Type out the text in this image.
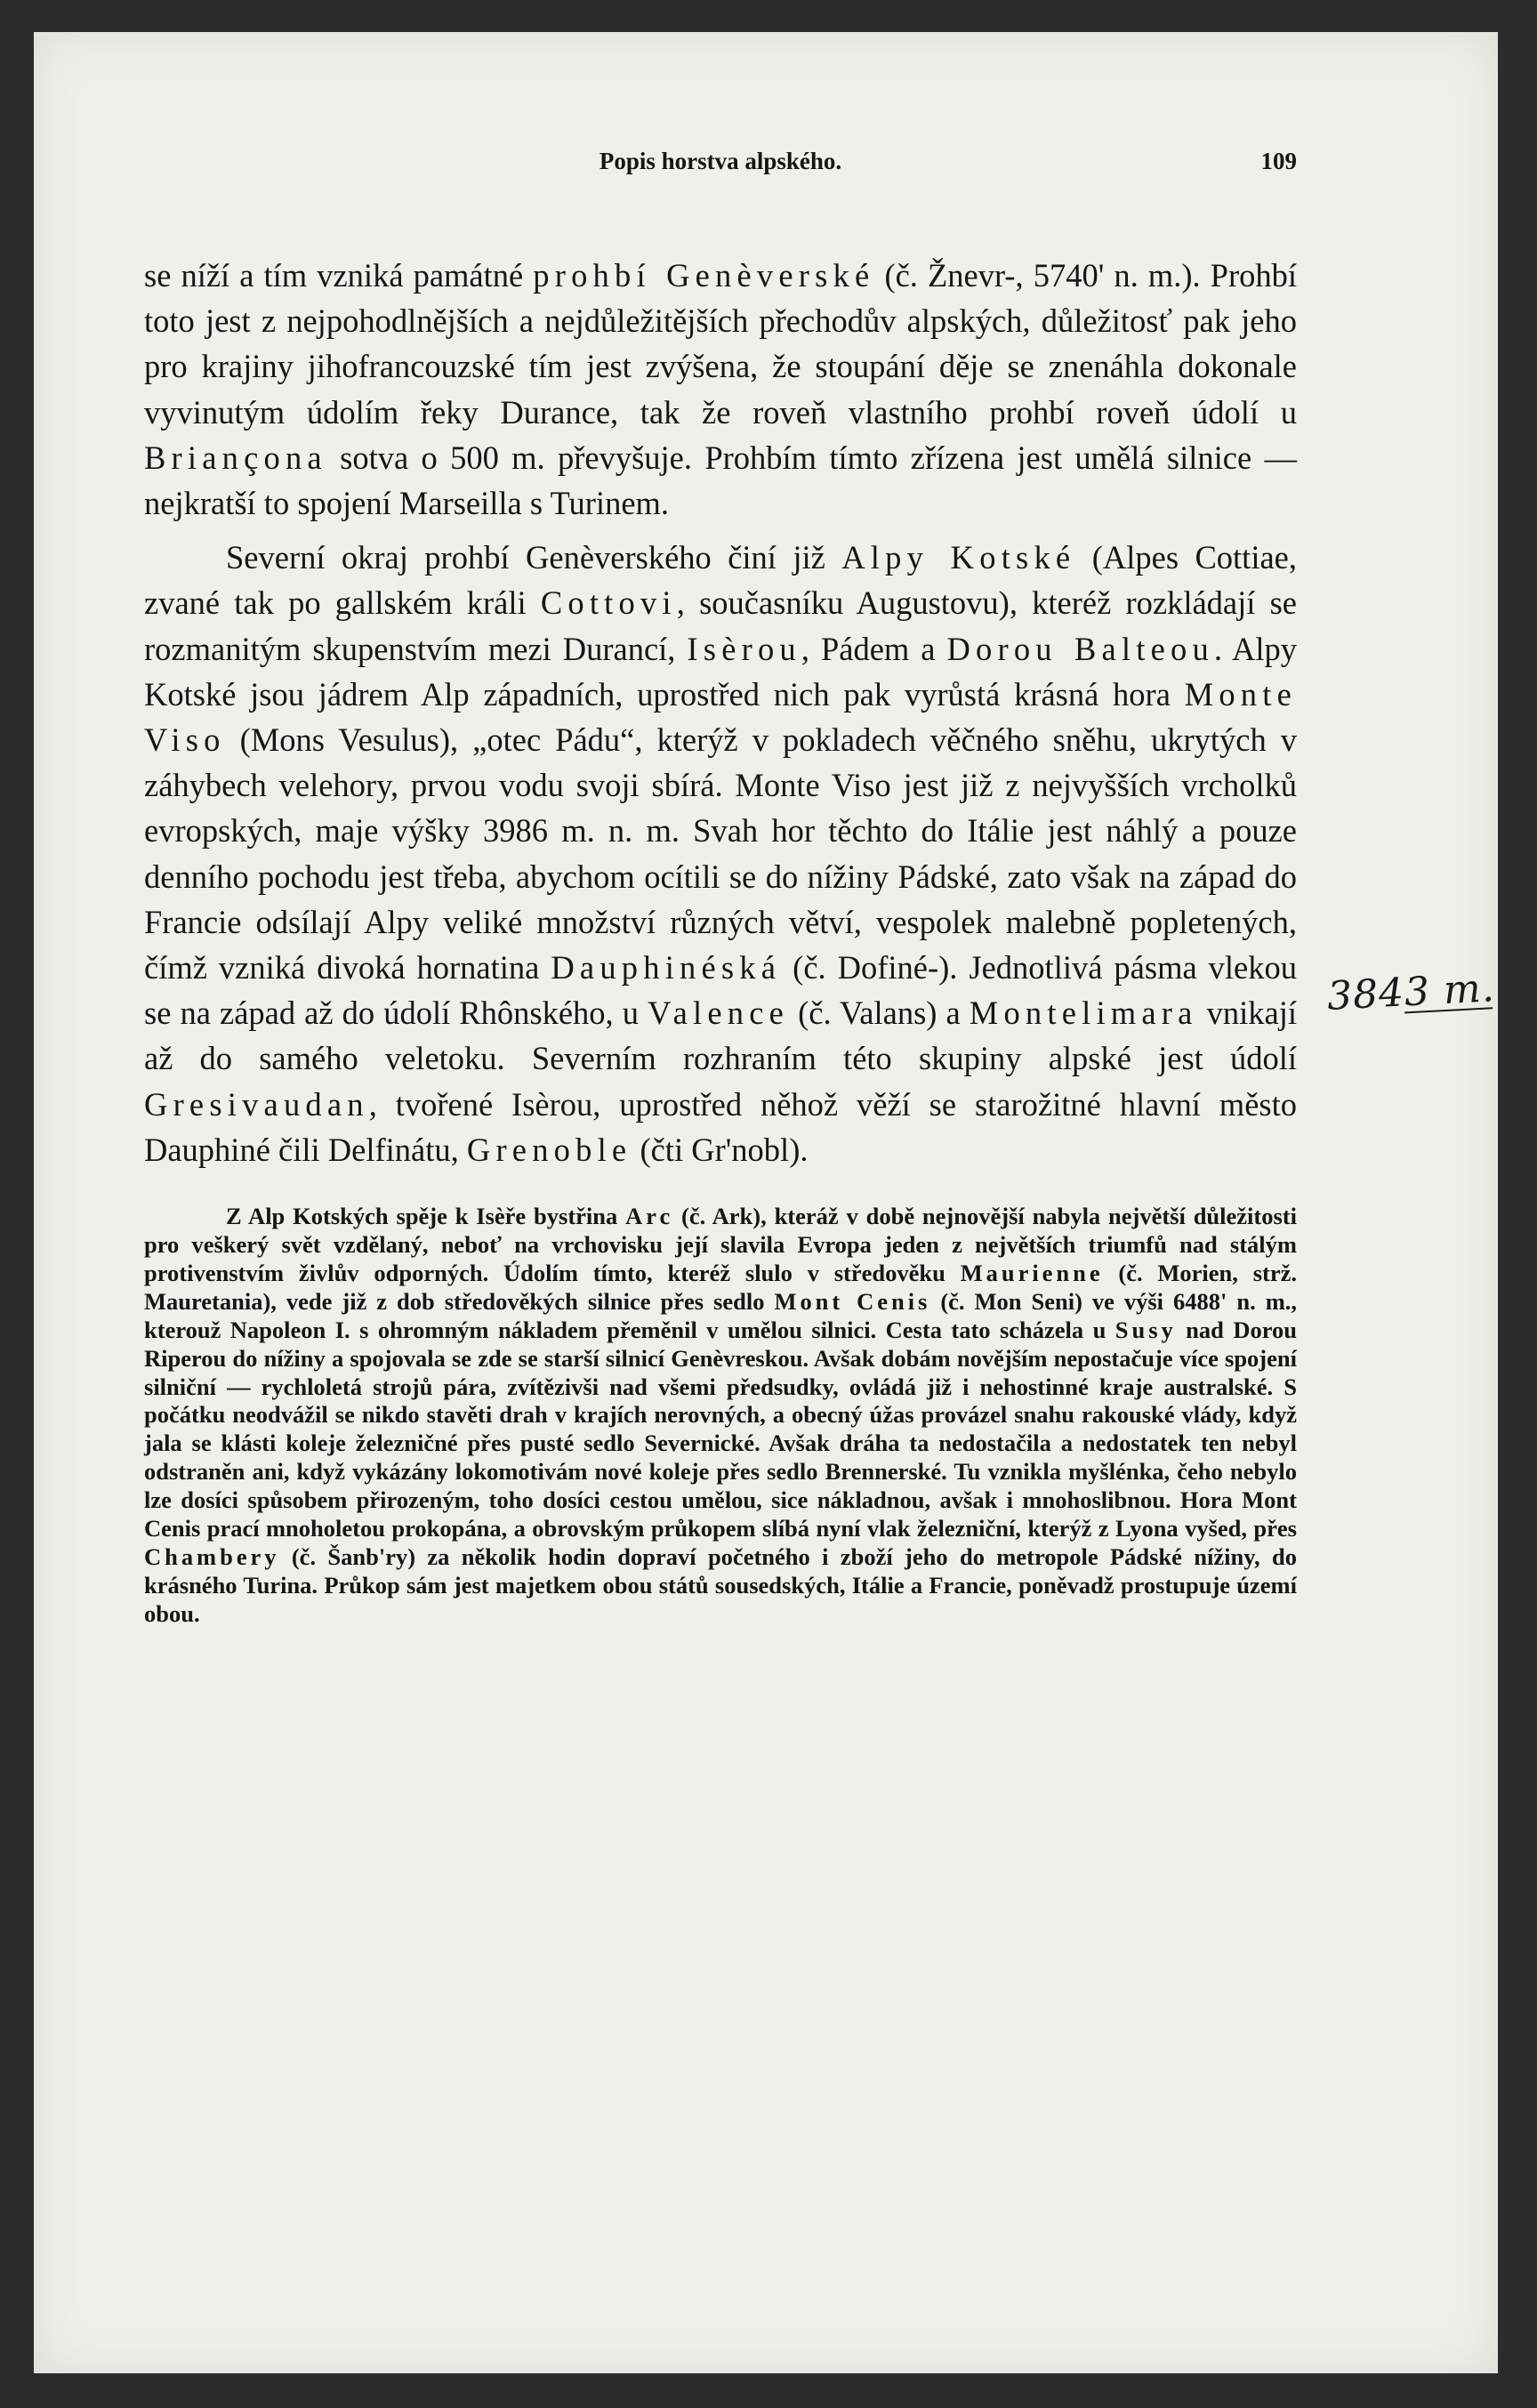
Popis horstva alpského.	109

se níží a tím vzniká památné prohbí Genèverské (č. Žnevr-, 5740' n. m.). Prohbí toto jest z nejpohodlnějších a nejdůležitějších přechodův alpských, důležitosť pak jeho pro krajiny jihofrancouzské tím jest zvýšena, že stoupání děje se znenáhla dokonale vyvinutým údolím řeky Durance, tak že roveň vlastního prohbí roveň údolí u Briançona sotva o 500 m. převyšuje. Prohbím tímto zřízena jest umělá silnice — nejkratší to spojení Marseilla s Turinem.

Severní okraj prohbí Genèverského činí již Alpy Kotské (Alpes Cottiae, zvané tak po gallském králi Cottovi, současníku Augustovu), kteréž rozkládají se rozmanitým skupenstvím mezi Durancí, Isèrou, Pádem a Dorou Balteou. Alpy Kotské jsou jádrem Alp západních, uprostřed nich pak vyrůstá krásná hora Monte Viso (Mons Vesulus), „otec Pádu“, kterýž v pokladech věčného sněhu, ukrytých v záhybech velehory, prvou vodu svoji sbírá. Monte Viso jest již z nejvyšších vrcholků evropských, maje výšky 3986 m. n. m. Svah hor těchto do Itálie jest náhlý a pouze denního pochodu jest třeba, abychom ocítili se do nížiny Pádské, zato však na západ do Francie odsílají Alpy veliké množství různých větví, vespolek malebně popletených, čímž vzniká divoká hornatina Dauphinéská (č. Dofiné-). Jednotlivá pásma vlekou se na západ až do údolí Rhônského, u Valence (č. Valans) a Montelimara vnikají až do samého veletoku. Severním rozhraním této skupiny alpské jest údolí Gresivaudan, tvořené Isèrou, uprostřed něhož věží se starožitné hlavní město Dauphiné čili Delfinátu, Grenoble (čti Gr'nobl).

Z Alp Kotských spěje k Isèře bystřina Arc (č. Ark), kteráž v době nejnovější nabyla největší důležitosti pro veškerý svět vzdělaný, neboť na vrchovisku její slavila Evropa jeden z největších triumfů nad stálým protivenstvím živlův odporných. Údolím tímto, kteréž slulo v středověku Maurienne (č. Morien, strž. Mauretania), vede již z dob středověkých silnice přes sedlo Mont Cenis (č. Mon Seni) ve výši 6488' n. m., kterouž Napoleon I. s ohromným nákladem přeměnil v umělou silnici. Cesta tato scházela u Susy nad Dorou Riperou do nížiny a spojovala se zde se starší silnicí Genèvreskou. Avšak dobám novějším nepostačuje více spojení silniční — rychloletá strojů pára, zvítězivši nad všemi předsudky, ovládá již i nehostinné kraje australské. S počátku neodvážil se nikdo stavěti drah v krajích nerovných, a obecný úžas provázel snahu rakouské vlády, když jala se klásti koleje železničné přes pusté sedlo Severnické. Avšak dráha ta nedostačila a nedostatek ten nebyl odstraněn ani, když vykázány lokomotivám nové koleje přes sedlo Brennerské. Tu vznikla myšlénka, čeho nebylo lze dosíci spůsobem přirozeným, toho dosíci cestou umělou, sice nákladnou, avšak i mnohoslibnou. Hora Mont Cenis prací mnoholetou prokopána, a obrovským průkopem slíbá nyní vlak železniční, kterýž z Lyona vyšed, přes Chambery (č. Šanb'ry) za několik hodin dopraví početného i zboží jeho do metropole Pádské nížiny, do krásného Turina. Průkop sám jest majetkem obou států sousedských, Itálie a Francie, poněvadž prostupuje území obou.

3843 m.
